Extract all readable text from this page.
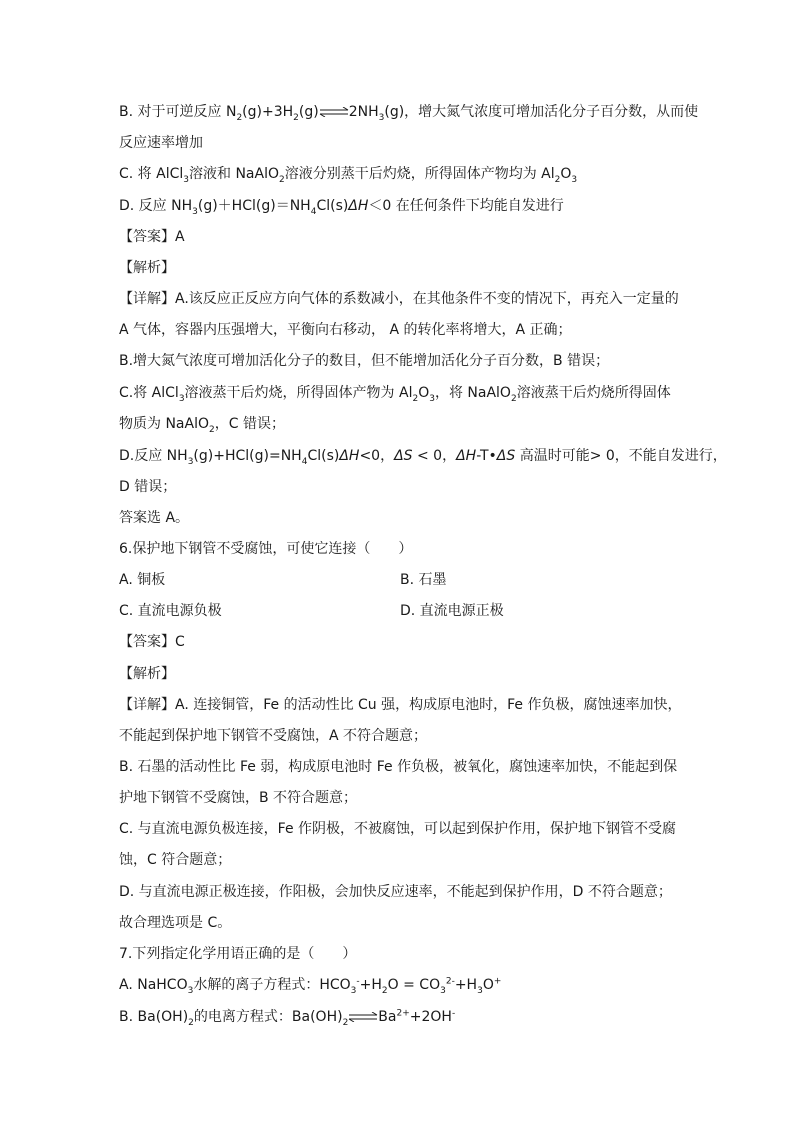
B. 对于可逆反应 $N_2(g)+3H_2(g)\rightleftharpoons 2NH_3(g)$，增大氮气浓度可增加活化分子百分数，从而使
反应速率增加
C. 将 AlCl$_3$溶液和 NaAlO$_2$溶液分别蒸干后灼烧，所得固体产物均为 $Al_2O_3$
D. 反应 $NH_3(g)+HCl(g)=NH_4Cl(s)\Delta H<0$ 在任何条件下均能自发进行
【答案】A
【解析】
【详解】A.该反应正反应方向气体的系数减小，在其他条件不变的情况下，再充入一定量的
A 气体，容器内压强增大，平衡向右移动， A 的转化率将增大，A 正确；
B.增大氮气浓度可增加活化分子的数目，但不能增加活化分子百分数，B 错误；
C.将 AlCl$_3$溶液蒸干后灼烧，所得固体产物为 $Al_2O_3$，将 NaAlO$_2$溶液蒸干后灼烧所得固体
物质为 NaAlO$_2$，C 错误；
D.反应 $NH_3(g)+HCl(g)=NH_4Cl(s)\Delta H<0$，ΔS < 0，ΔH-T•ΔS 高温时可能> 0，不能自发进行，
D 错误；
答案选 A。
6.保护地下钢管不受腐蚀，可使它连接（　　）
A. 铜板	B. 石墨
C. 直流电源负极	D. 直流电源正极
【答案】C
【解析】
【详解】A. 连接铜管，Fe 的活动性比 Cu 强，构成原电池时，Fe 作负极，腐蚀速率加快，
不能起到保护地下钢管不受腐蚀，A 不符合题意；
B. 石墨的活动性比 Fe 弱，构成原电池时 Fe 作负极，被氧化，腐蚀速率加快，不能起到保
护地下钢管不受腐蚀，B 不符合题意；
C. 与直流电源负极连接，Fe 作阴极，不被腐蚀，可以起到保护作用，保护地下钢管不受腐
蚀，C 符合题意；
D. 与直流电源正极连接，作阳极，会加快反应速率，不能起到保护作用，D 不符合题意；
故合理选项是 C。
7.下列指定化学用语正确的是（　　）
A. NaHCO$_3$水解的离子方程式：$HCO_3^-+H_2O = CO_3^{2-}+H_3O^+$
B. $Ba(OH)_2$的电离方程式：$Ba(OH)_2$ $\rightleftharpoons Ba^{2+}+2OH^-$
